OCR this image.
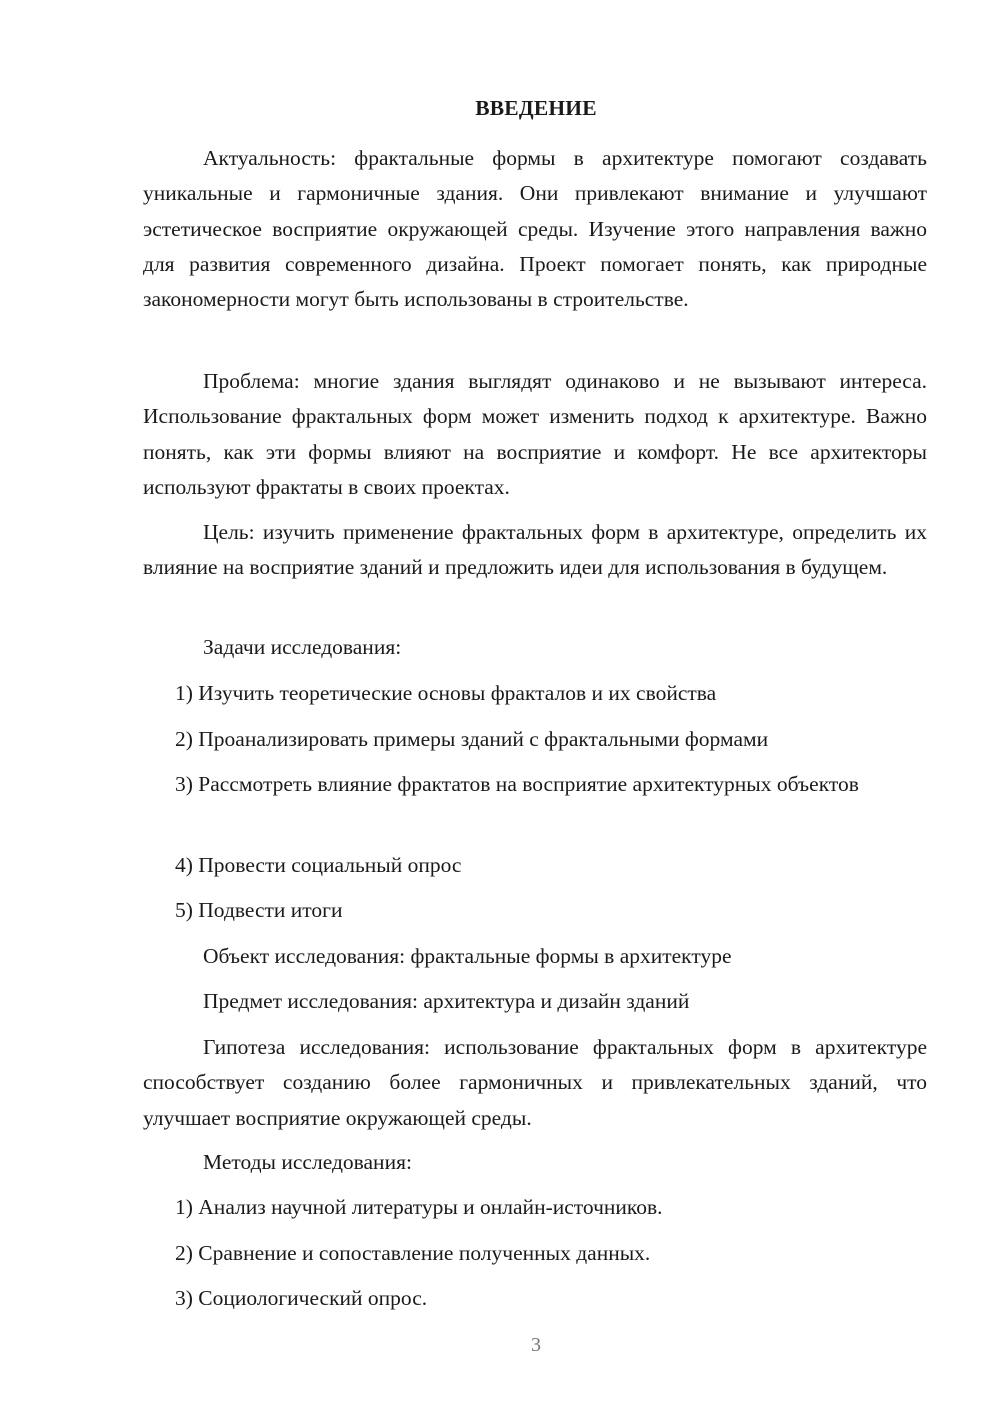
ВВЕДЕНИЕ

Актуальность: фрактальные формы в архитектуре помогают создавать уникальные и гармоничные здания. Они привлекают внимание и улучшают эстетическое восприятие окружающей среды. Изучение этого направления важно для развития современного дизайна. Проект помогает понять, как природные закономерности могут быть использованы в строительстве.

Проблема: многие здания выглядят одинаково и не вызывают интереса. Использование фрактальных форм может изменить подход к архитектуре. Важно понять, как эти формы влияют на восприятие и комфорт. Не все архитекторы используют фрактаты в своих проектах.

Цель: изучить применение фрактальных форм в архитектуре, определить их влияние на восприятие зданий и предложить идеи для использования в будущем.

Задачи исследования:
1) Изучить теоретические основы фракталов и их свойства
2) Проанализировать примеры зданий с фрактальными формами

3) Рассмотреть влияние фрактатов на восприятие архитектурных объектов

4) Провести социальный опрос
5) Подвести итоги
Объект исследования: фрактальные формы в архитектуре
Предмет исследования: архитектура и дизайн зданий

Гипотеза исследования: использование фрактальных форм в архитектуре способствует созданию более гармоничных и привлекательных зданий, что улучшает восприятие окружающей среды.

Методы исследования:
1) Анализ научной литературы и онлайн-источников.
2) Сравнение и сопоставление полученных данных.
3) Социологический опрос.
3
